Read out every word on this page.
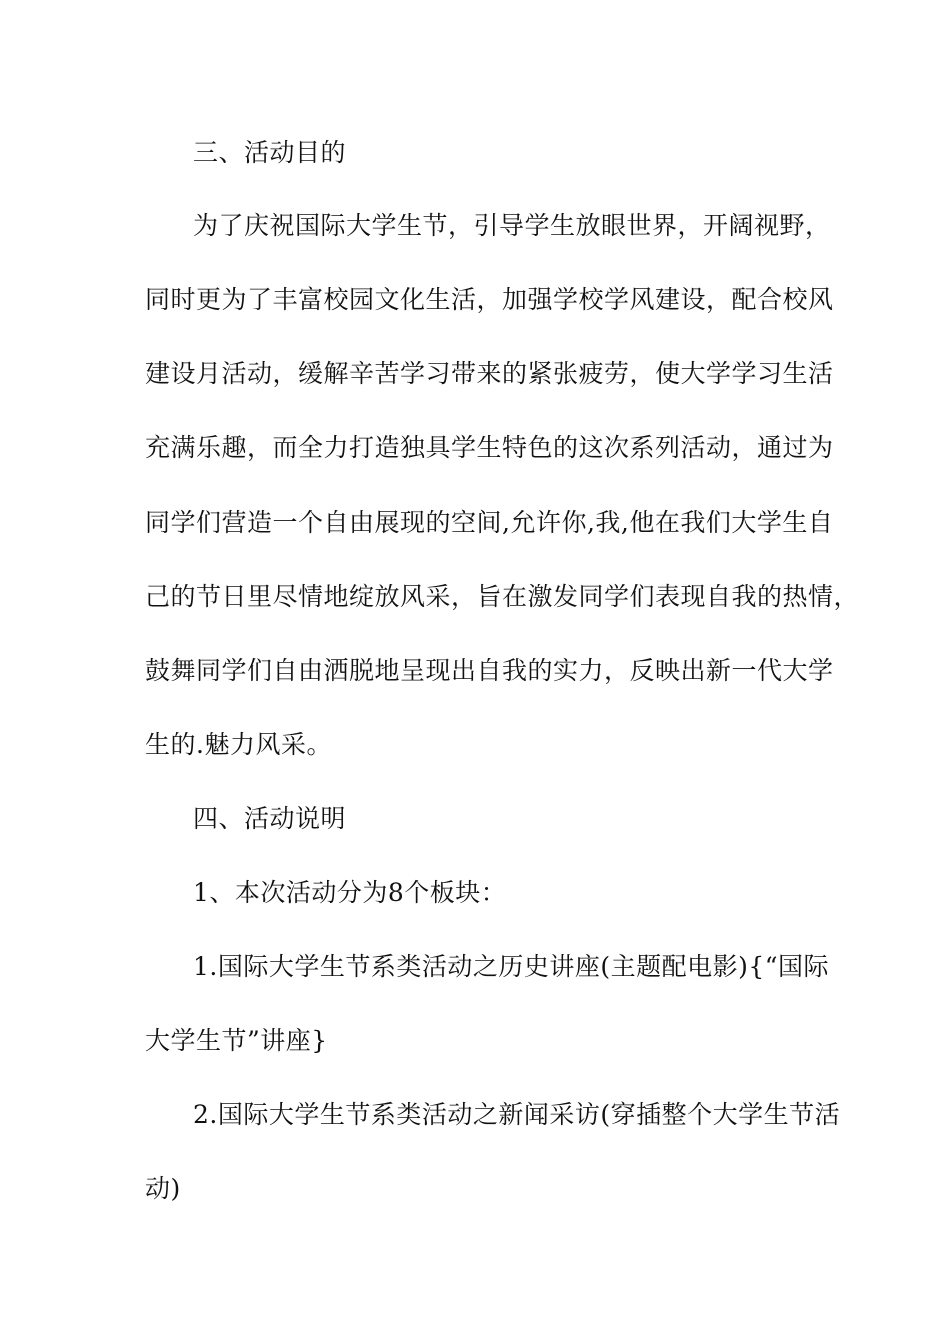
三、活动目的
为了庆祝国际大学生节，引导学生放眼世界，开阔视野，
同时更为了丰富校园文化生活，加强学校学风建设，配合校风
建设月活动，缓解辛苦学习带来的紧张疲劳，使大学学习生活
充满乐趣，而全力打造独具学生特色的这次系列活动，通过为
同学们营造一个自由展现的空间,允许你,我,他在我们大学生自
己的节日里尽情地绽放风采，旨在激发同学们表现自我的热情，
鼓舞同学们自由洒脱地呈现出自我的实力，反映出新一代大学
生的.魅力风采。
四、活动说明
1、本次活动分为8个板块：
1.国际大学生节系类活动之历史讲座(主题配电影){“国际
大学生节”讲座}
2.国际大学生节系类活动之新闻采访(穿插整个大学生节活
动)
